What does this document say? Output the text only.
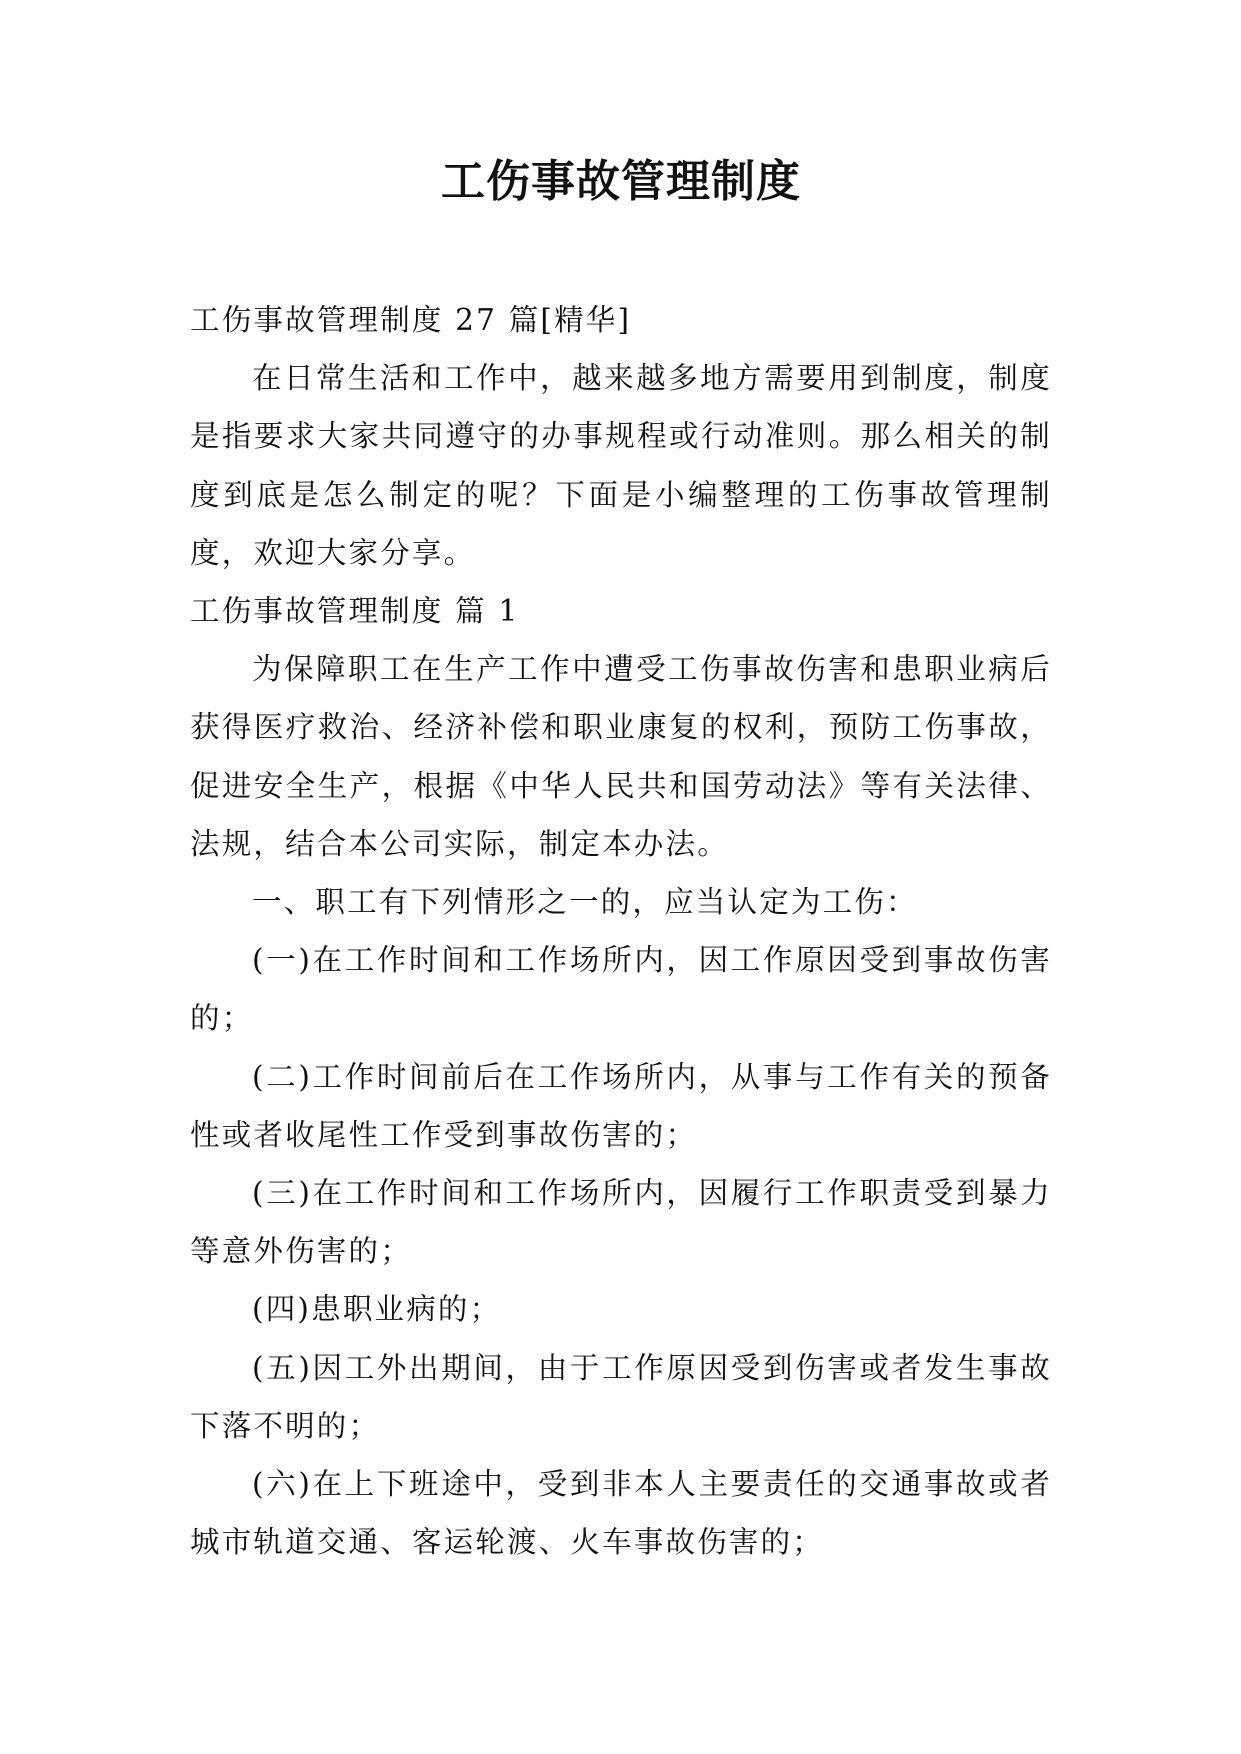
工伤事故管理制度

工伤事故管理制度 27 篇[精华]

在日常生活和工作中，越来越多地方需要用到制度，制度是指要求大家共同遵守的办事规程或行动准则。那么相关的制度到底是怎么制定的呢？下面是小编整理的工伤事故管理制度，欢迎大家分享。

工伤事故管理制度 篇 1

为保障职工在生产工作中遭受工伤事故伤害和患职业病后获得医疗救治、经济补偿和职业康复的权利，预防工伤事故，促进安全生产，根据《中华人民共和国劳动法》等有关法律、法规，结合本公司实际，制定本办法。

一、职工有下列情形之一的，应当认定为工伤：

(一)在工作时间和工作场所内，因工作原因受到事故伤害的；

(二)工作时间前后在工作场所内，从事与工作有关的预备性或者收尾性工作受到事故伤害的；

(三)在工作时间和工作场所内，因履行工作职责受到暴力等意外伤害的；

(四)患职业病的；

(五)因工外出期间，由于工作原因受到伤害或者发生事故下落不明的；

(六)在上下班途中，受到非本人主要责任的交通事故或者城市轨道交通、客运轮渡、火车事故伤害的；
